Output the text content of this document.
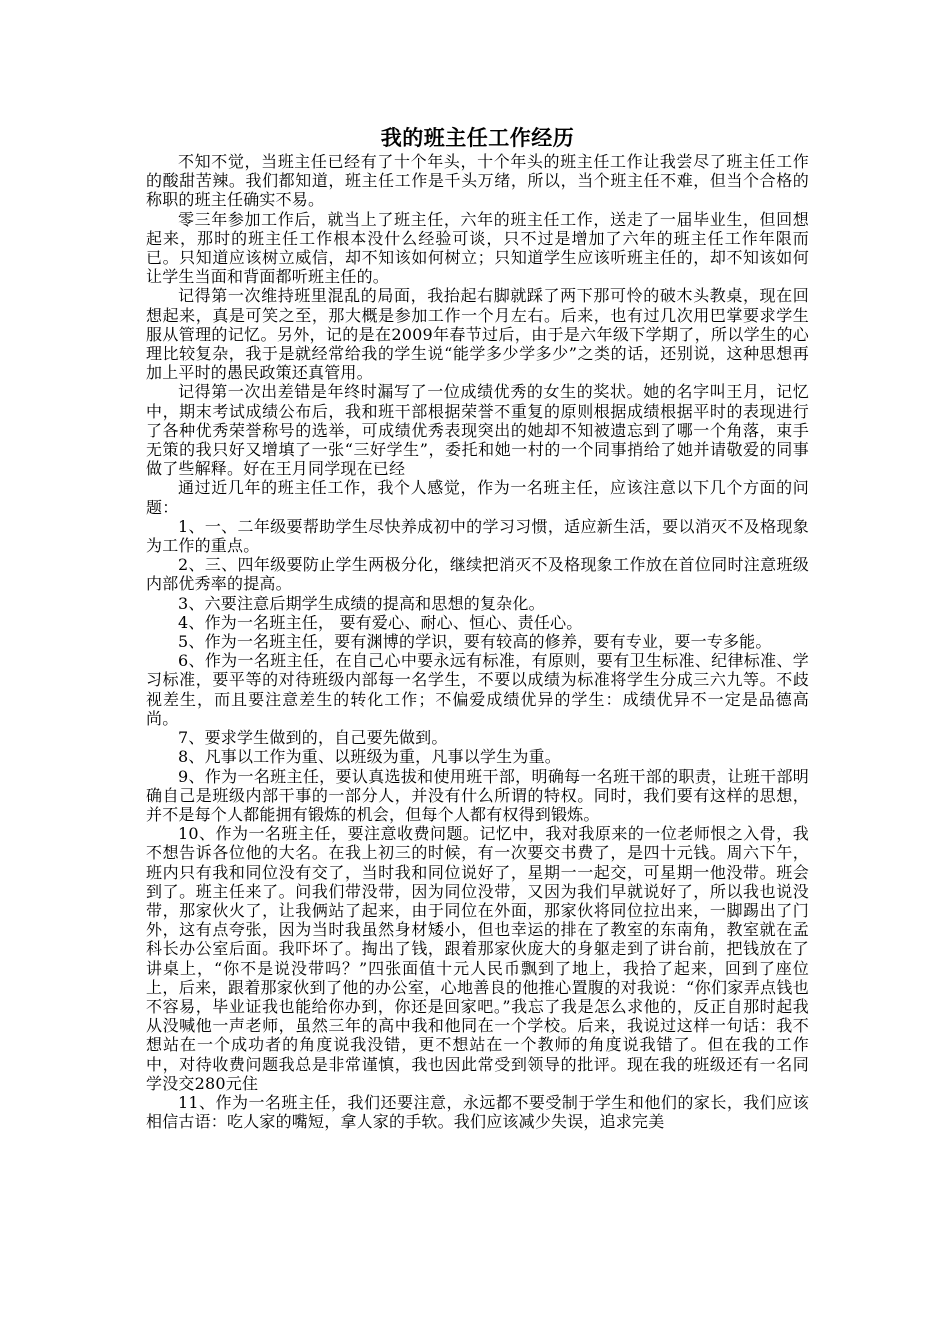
我的班主任工作经历

不知不觉，当班主任已经有了十个年头，十个年头的班主任工作让我尝尽了班主任工作的酸甜苦辣。我们都知道，班主任工作是千头万绪，所以，当个班主任不难，但当个合格的称职的班主任确实不易。

零三年参加工作后，就当上了班主任，六年的班主任工作，送走了一届毕业生，但回想起来，那时的班主任工作根本没什么经验可谈，只不过是增加了六年的班主任工作年限而已。只知道应该树立威信，却不知该如何树立；只知道学生应该听班主任的，却不知该如何让学生当面和背面都听班主任的。

记得第一次维持班里混乱的局面，我抬起右脚就踩了两下那可怜的破木头教桌，现在回想起来，真是可笑之至，那大概是参加工作一个月左右。后来，也有过几次用巴掌要求学生服从管理的记忆。另外，记的是在2009年春节过后，由于是六年级下学期了，所以学生的心理比较复杂，我于是就经常给我的学生说“能学多少学多少”之类的话，还别说，这种思想再加上平时的愚民政策还真管用。

记得第一次出差错是年终时漏写了一位成绩优秀的女生的奖状。她的名字叫王月，记忆中，期末考试成绩公布后，我和班干部根据荣誉不重复的原则根据成绩根据平时的表现进行了各种优秀荣誉称号的选举，可成绩优秀表现突出的她却不知被遗忘到了哪一个角落，束手无策的我只好又增填了一张“三好学生”，委托和她一村的一个同事捎给了她并请敬爱的同事做了些解释。好在王月同学现在已经

通过近几年的班主任工作，我个人感觉，作为一名班主任，应该注意以下几个方面的问题：

1、一、二年级要帮助学生尽快养成初中的学习习惯，适应新生活，要以消灭不及格现象为工作的重点。

2、三、四年级要防止学生两极分化，继续把消灭不及格现象工作放在首位同时注意班级内部优秀率的提高。

3、六要注意后期学生成绩的提高和思想的复杂化。

4、作为一名班主任， 要有爱心、耐心、恒心、责任心。

5、作为一名班主任，要有渊博的学识，要有较高的修养，要有专业，要一专多能。

6、作为一名班主任，在自己心中要永远有标准，有原则，要有卫生标准、纪律标准、学习标准，要平等的对待班级内部每一名学生，不要以成绩为标准将学生分成三六九等。不歧视差生，而且要注意差生的转化工作；不偏爱成绩优异的学生：成绩优异不一定是品德高尚。

7、要求学生做到的，自己要先做到。

8、凡事以工作为重、以班级为重，凡事以学生为重。

9、作为一名班主任，要认真选拔和使用班干部，明确每一名班干部的职责，让班干部明确自己是班级内部干事的一部分人，并没有什么所谓的特权。同时，我们要有这样的思想，并不是每个人都能拥有锻炼的机会，但每个人都有权得到锻炼。

10、作为一名班主任，要注意收费问题。记忆中，我对我原来的一位老师恨之入骨，我不想告诉各位他的大名。在我上初三的时候，有一次要交书费了，是四十元钱。周六下午，班内只有我和同位没有交了，当时我和同位说好了，星期一一起交，可星期一他没带。班会到了。班主任来了。问我们带没带，因为同位没带，又因为我们早就说好了，所以我也说没带，那家伙火了，让我俩站了起来，由于同位在外面，那家伙将同位拉出来，一脚踢出了门外，这有点夸张，因为当时我虽然身材矮小，但也幸运的排在了教室的东南角，教室就在孟科长办公室后面。我吓坏了。掏出了钱，跟着那家伙庞大的身躯走到了讲台前，把钱放在了讲桌上，“你不是说没带吗？”四张面值十元人民币飘到了地上，我拾了起来，回到了座位上，后来，跟着那家伙到了他的办公室，心地善良的他推心置腹的对我说：“你们家弄点钱也不容易，毕业证我也能给你办到，你还是回家吧。”我忘了我是怎么求他的，反正自那时起我从没喊他一声老师，虽然三年的高中我和他同在一个学校。后来，我说过这样一句话：我不想站在一个成功者的角度说我没错，更不想站在一个教师的角度说我错了。但在我的工作中，对待收费问题我总是非常谨慎，我也因此常受到领导的批评。现在我的班级还有一名同学没交280元住

11、作为一名班主任，我们还要注意，永远都不要受制于学生和他们的家长，我们应该相信古语：吃人家的嘴短，拿人家的手软。我们应该减少失误，追求完美
